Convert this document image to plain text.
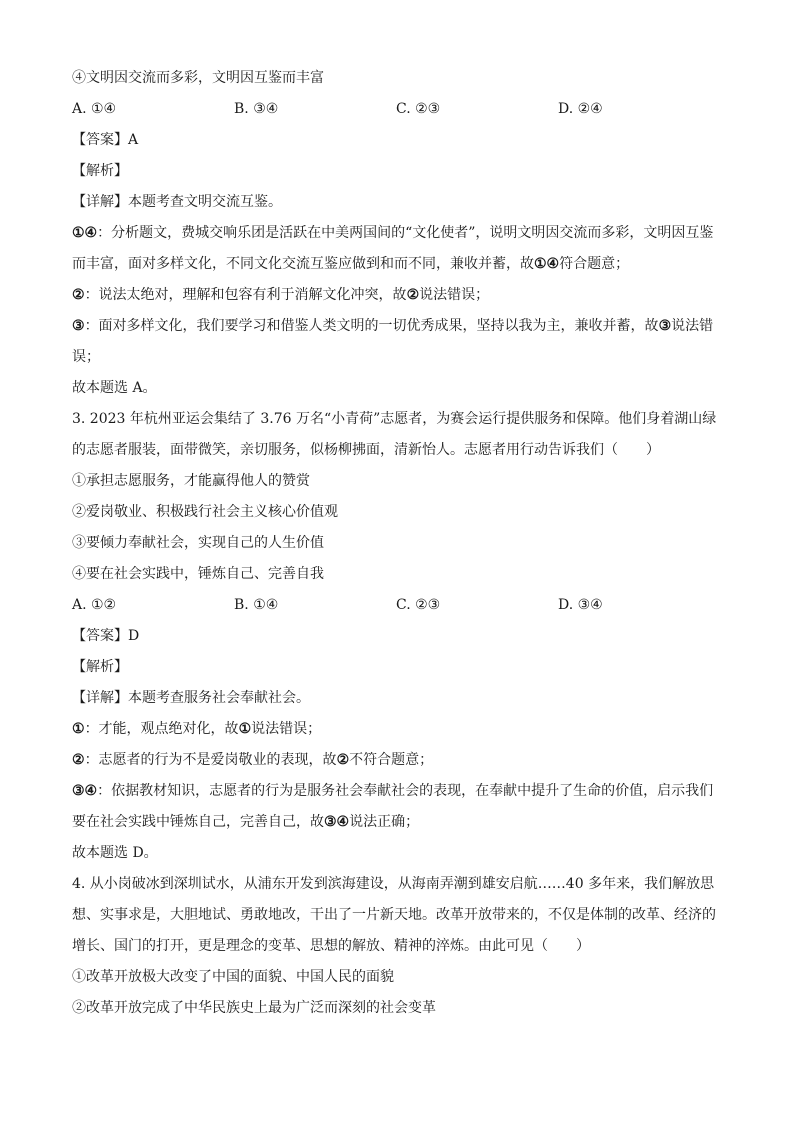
④文明因交流而多彩，文明因互鉴而丰富
A. ①④	B. ③④	C. ②③	D. ②④
【答案】A
【解析】
【详解】本题考查文明交流互鉴。
①④：分析题文，费城交响乐团是活跃在中美两国间的“文化使者”，说明文明因交流而多彩，文明因互鉴
而丰富，面对多样文化，不同文化交流互鉴应做到和而不同，兼收并蓄，故①④符合题意；
②：说法太绝对，理解和包容有利于消解文化冲突，故②说法错误；
③：面对多样文化，我们要学习和借鉴人类文明的一切优秀成果，坚持以我为主，兼收并蓄，故③说法错
误；
故本题选 A。
3. 2023 年杭州亚运会集结了 3.76 万名“小青荷”志愿者，为赛会运行提供服务和保障。他们身着湖山绿
的志愿者服装，面带微笑，亲切服务，似杨柳拂面，清新怡人。志愿者用行动告诉我们（　　）
①承担志愿服务，才能赢得他人的赞赏
②爱岗敬业、积极践行社会主义核心价值观
③要倾力奉献社会，实现自己的人生价值
④要在社会实践中，锤炼自己、完善自我
A. ①②	B. ①④	C. ②③	D. ③④
【答案】D
【解析】
【详解】本题考查服务社会奉献社会。
①：才能，观点绝对化，故①说法错误；
②：志愿者的行为不是爱岗敬业的表现，故②不符合题意；
③④：依据教材知识，志愿者的行为是服务社会奉献社会的表现，在奉献中提升了生命的价值，启示我们
要在社会实践中锤炼自己，完善自己，故③④说法正确；
故本题选 D。
4. 从小岗破冰到深圳试水，从浦东开发到滨海建设，从海南弄潮到雄安启航……40 多年来，我们解放思
想、实事求是，大胆地试、勇敢地改，干出了一片新天地。改革开放带来的，不仅是体制的改革、经济的
增长、国门的打开，更是理念的变革、思想的解放、精神的淬炼。由此可见（　　）
①改革开放极大改变了中国的面貌、中国人民的面貌
②改革开放完成了中华民族史上最为广泛而深刻的社会变革
